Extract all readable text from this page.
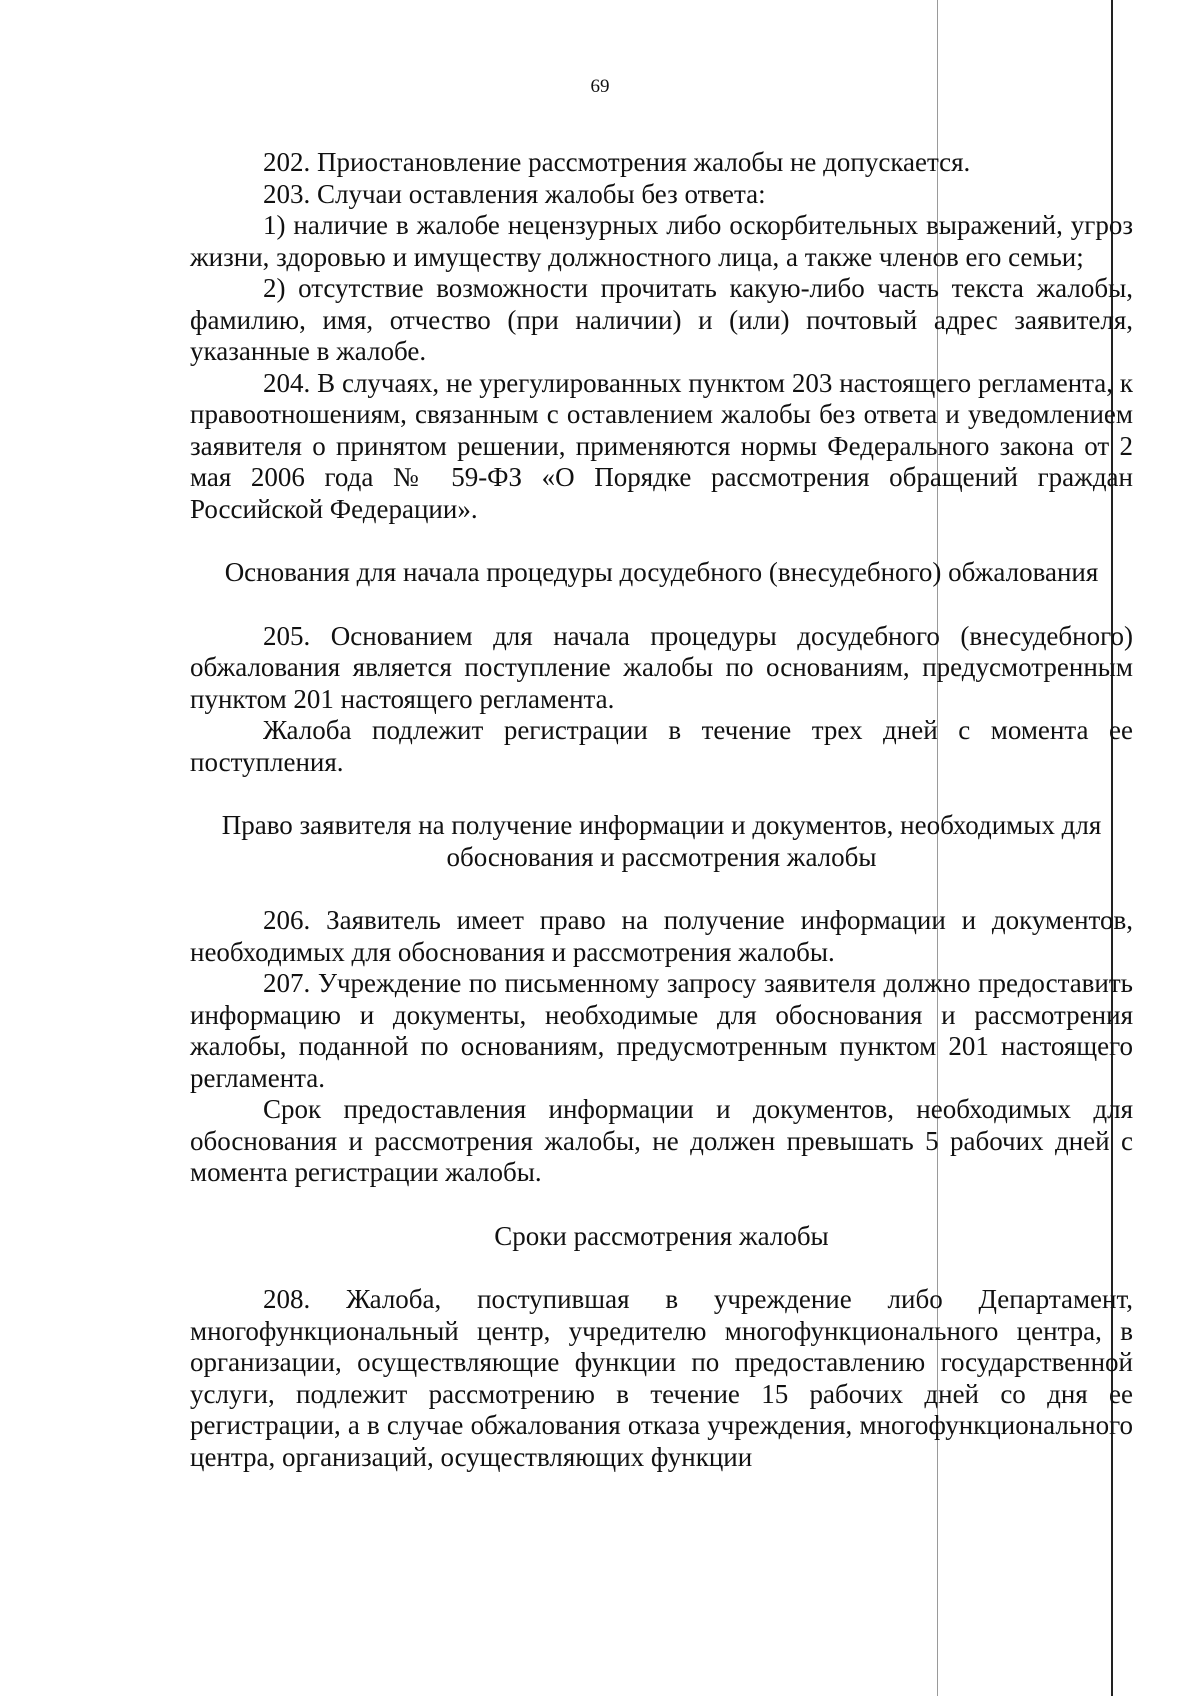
69

202. Приостановление рассмотрения жалобы не допускается.

203. Случаи оставления жалобы без ответа:

1) наличие в жалобе нецензурных либо оскорбительных выражений, угроз жизни, здоровью и имуществу должностного лица, а также членов его семьи;

2) отсутствие возможности прочитать какую-либо часть текста жалобы, фамилию, имя, отчество (при наличии) и (или) почтовый адрес заявителя, указанные в жалобе.

204. В случаях, не урегулированных пунктом 203 настоящего регламента, к правоотношениям, связанным с оставлением жалобы без ответа и уведомлением заявителя о принятом решении, применяются нормы Федерального закона от 2 мая 2006 года № 59-ФЗ «О Порядке рассмотрения обращений граждан Российской Федерации».

Основания для начала процедуры досудебного (внесудебного) обжалования

205. Основанием для начала процедуры досудебного (внесудебного) обжалования является поступление жалобы по основаниям, предусмотренным пунктом 201 настоящего регламента.

Жалоба подлежит регистрации в течение трех дней с момента ее поступления.

Право заявителя на получение информации и документов, необходимых для обоснования и рассмотрения жалобы

206. Заявитель имеет право на получение информации и документов, необходимых для обоснования и рассмотрения жалобы.

207. Учреждение по письменному запросу заявителя должно предоставить информацию и документы, необходимые для обоснования и рассмотрения жалобы, поданной по основаниям, предусмотренным пунктом 201 настоящего регламента.

Срок предоставления информации и документов, необходимых для обоснования и рассмотрения жалобы, не должен превышать 5 рабочих дней с момента регистрации жалобы.

Сроки рассмотрения жалобы

208. Жалоба, поступившая в учреждение либо Департамент, многофункциональный центр, учредителю многофункционального центра, в организации, осуществляющие функции по предоставлению государственной услуги, подлежит рассмотрению в течение 15 рабочих дней со дня ее регистрации, а в случае обжалования отказа учреждения, многофункционального центра, организаций, осуществляющих функции
